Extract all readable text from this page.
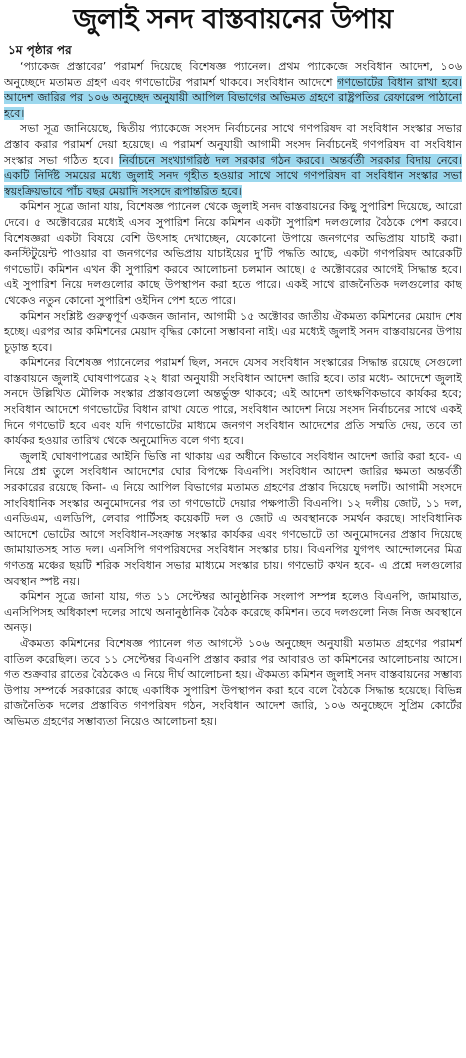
জুলাই সনদ বাস্তবায়নের উপায়
১ম পৃষ্ঠার পর

‘প্যাকেজ প্রস্তাবের’ পরামর্শ দিয়েছে বিশেষজ্ঞ প্যানেল। প্রথম প্যাকেজে সংবিধান আদেশ, ১০৬ অনুচ্ছেদে মতামত গ্রহণ এবং গণভোটের পরামর্শ থাকবে। সংবিধান আদেশে গণভোটের বিধান রাখা হবে। আদেশ জারির পর ১০৬ অনুচ্ছেদ অনুযায়ী আপিল বিভাগের অভিমত গ্রহণে রাষ্ট্রপতির রেফারেন্স পাঠানো হবে।

সভা সূত্র জানিয়েছে, দ্বিতীয় প্যাকেজে সংসদ নির্বাচনের সাথে গণপরিষদ বা সংবিধান সংস্কার সভার প্রস্তাব করার পরামর্শ দেয়া হয়েছে। এ পরামর্শ অনুযায়ী আগামী সংসদ নির্বাচনেই গণপরিষদ বা সংবিধান সংস্কার সভা গঠিত হবে। নির্বাচনে সংখ্যাগরিষ্ঠ দল সরকার গঠন করবে। অন্তর্বর্তী সরকার বিদায় নেবে। একটি নির্দিষ্ট সময়ের মধ্যে জুলাই সনদ গৃহীত হওয়ার সাথে সাথে গণপরিষদ বা সংবিধান সংস্কার সভা স্বয়ংক্রিয়ভাবে পাঁচ বছর মেয়াদি সংসদে রূপান্তরিত হবে।

কমিশন সূত্রে জানা যায়, বিশেষজ্ঞ প্যানেল থেকে জুলাই সনদ বাস্তবায়নের কিছু সুপারিশ দিয়েছে, আরো দেবে। ৫ অক্টোবরের মধ্যেই এসব সুপারিশ নিয়ে কমিশন একটা সুপারিশ দলগুলোর বৈঠকে পেশ করবে। বিশেষজ্ঞরা একটা বিষয়ে বেশি উৎসাহ দেখাচ্ছেন, যেকোনো উপায়ে জনগণের অভিপ্রায় যাচাই করা। কনস্টিটুয়েন্ট পাওয়ার বা জনগণের অভিপ্রায় যাচাইয়ের দু’টি পদ্ধতি আছে, একটা গণপরিষদ আরেকটি গণভোট। কমিশন এখন কী সুপারিশ করবে আলোচনা চলমান আছে। ৫ অক্টোবরের আগেই সিদ্ধান্ত হবে। এই সুপারিশ নিয়ে দলগুলোর কাছে উপস্থাপন করা হতে পারে। একই সাথে রাজনৈতিক দলগুলোর কাছ থেকেও নতুন কোনো সুপারিশ ওইদিন পেশ হতে পারে।

কমিশন সংশ্লিষ্ট গুরুত্বপূর্ণ একজন জানান, আগামী ১৫ অক্টোবর জাতীয় ঐকমত্য কমিশনের মেয়াদ শেষ হচ্ছে। এরপর আর কমিশনের মেয়াদ বৃদ্ধির কোনো সম্ভাবনা নাই। এর মধ্যেই জুলাই সনদ বাস্তবায়নের উপায় চূড়ান্ত হবে।

কমিশনের বিশেষজ্ঞ প্যানেলের পরামর্শ ছিল, সনদে যেসব সংবিধান সংস্কারের সিদ্ধান্ত রয়েছে সেগুলো বাস্তবায়নে জুলাই ঘোষণাপত্রের ২২ ধারা অনুযায়ী সংবিধান আদেশ জারি হবে। তার মধ্যে- আদেশে জুলাই সনদে উল্লিখিত মৌলিক সংস্কার প্রস্তাবগুলো অন্তর্ভুক্ত থাকবে; এই আদেশ তাৎক্ষণিকভাবে কার্যকর হবে; সংবিধান আদেশে গণভোটের বিধান রাখা যেতে পারে, সংবিধান আদেশ নিয়ে সংসদ নির্বাচনের সাথে একই দিনে গণভোট হবে এবং যদি গণভোটের মাধ্যমে জনগণ সংবিধান আদেশের প্রতি সম্মতি দেয়, তবে তা কার্যকর হওয়ার তারিখ থেকে অনুমোদিত বলে গণ্য হবে।

জুলাই ঘোষণাপত্রের আইনি ভিত্তি না থাকায় এর অধীনে কিভাবে সংবিধান আদেশ জারি করা হবে- এ নিয়ে প্রশ্ন তুলে সংবিধান আদেশের ঘোর বিপক্ষে বিএনপি। সংবিধান আদেশ জারির ক্ষমতা অন্তর্বর্তী সরকারের রয়েছে কিনা- এ নিয়ে আপিল বিভাগের মতামত গ্রহণের প্রস্তাব দিয়েছে দলটি। আগামী সংসদে সাংবিধানিক সংস্কার অনুমোদনের পর তা গণভোটে দেয়ার পক্ষপাতী বিএনপি। ১২ দলীয় জোট, ১১ দল, এনডিএম, এলডিপি, লেবার পার্টিসহ কয়েকটি দল ও জোট এ অবস্থানকে সমর্থন করছে। সাংবিধানিক আদেশে ভোটের আগে সংবিধান-সংক্রান্ত সংস্কার কার্যকর এবং গণভোটে তা অনুমোদনের প্রস্তাব দিয়েছে জামায়াতসহ সাত দল। এনসিপি গণপরিষদের সংবিধান সংস্কার চায়। বিএনপির যুগপৎ আন্দোলনের মিত্র গণতন্ত্র মঞ্চের ছয়টি শরিক সংবিধান সভার মাধ্যমে সংস্কার চায়। গণভোট কখন হবে- এ প্রশ্নে দলগুলোর অবস্থান স্পষ্ট নয়।

কমিশন সূত্রে জানা যায়, গত ১১ সেপ্টেম্বর আনুষ্ঠানিক সংলাপ সম্পন্ন হলেও বিএনপি, জামায়াত, এনসিপিসহ অধিকাংশ দলের সাথে অনানুষ্ঠানিক বৈঠক করেছে কমিশন। তবে দলগুলো নিজ নিজ অবস্থানে অনড়।

ঐকমত্য কমিশনের বিশেষজ্ঞ প্যানেল গত আগস্টে ১০৬ অনুচ্ছেদ অনুযায়ী মতামত গ্রহণের পরামর্শ বাতিল করেছিল। তবে ১১ সেপ্টেম্বর বিএনপি প্রস্তাব করার পর আবারও তা কমিশনের আলোচনায় আসে। গত শুক্রবার রাতের বৈঠকেও এ নিয়ে দীর্ঘ আলোচনা হয়। ঐকমত্য কমিশন জুলাই সনদ বাস্তবায়নের সম্ভাব্য উপায় সম্পর্কে সরকারের কাছে একাধিক সুপারিশ উপস্থাপন করা হবে বলে বৈঠকে সিদ্ধান্ত হয়েছে। বিভিন্ন রাজনৈতিক দলের প্রস্তাবিত গণপরিষদ গঠন, সংবিধান আদেশ জারি, ১০৬ অনুচ্ছেদে সুপ্রিম কোর্টের অভিমত গ্রহণের সম্ভাব্যতা নিয়েও আলোচনা হয়।
